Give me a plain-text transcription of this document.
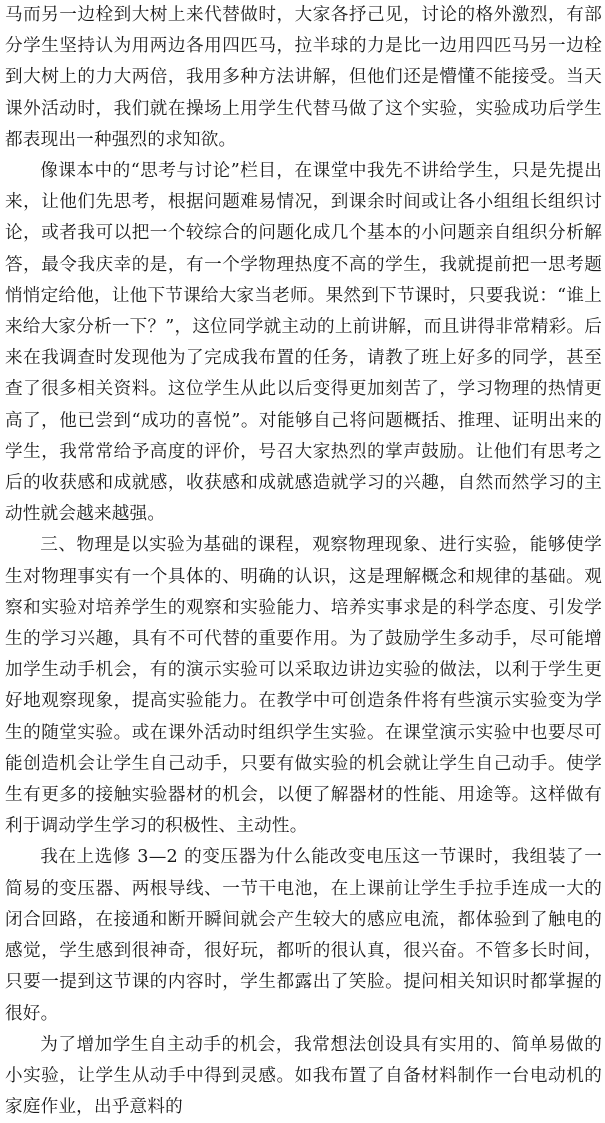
马而另一边栓到大树上来代替做时，大家各抒己见，讨论的格外激烈，有部分学生坚持认为用两边各用四匹马，拉半球的力是比一边用四匹马另一边栓到大树上的力大两倍，我用多种方法讲解，但他们还是懵懂不能接受。当天课外活动时，我们就在操场上用学生代替马做了这个实验，实验成功后学生都表现出一种强烈的求知欲。

像课本中的“思考与讨论”栏目，在课堂中我先不讲给学生，只是先提出来，让他们先思考，根据问题难易情况，到课余时间或让各小组组长组织讨论，或者我可以把一个较综合的问题化成几个基本的小问题亲自组织分析解答，最令我庆幸的是，有一个学物理热度不高的学生，我就提前把一思考题悄悄定给他，让他下节课给大家当老师。果然到下节课时，只要我说：“谁上来给大家分析一下？”，这位同学就主动的上前讲解，而且讲得非常精彩。后来在我调查时发现他为了完成我布置的任务，请教了班上好多的同学，甚至查了很多相关资料。这位学生从此以后变得更加刻苦了，学习物理的热情更高了，他已尝到“成功的喜悦”。对能够自己将问题概括、推理、证明出来的学生，我常常给予高度的评价，号召大家热烈的掌声鼓励。让他们有思考之后的收获感和成就感，收获感和成就感造就学习的兴趣，自然而然学习的主动性就会越来越强。

三、物理是以实验为基础的课程，观察物理现象、进行实验，能够使学生对物理事实有一个具体的、明确的认识，这是理解概念和规律的基础。观察和实验对培养学生的观察和实验能力、培养实事求是的科学态度、引发学生的学习兴趣，具有不可代替的重要作用。为了鼓励学生多动手，尽可能增加学生动手机会，有的演示实验可以采取边讲边实验的做法，以利于学生更好地观察现象，提高实验能力。在教学中可创造条件将有些演示实验变为学生的随堂实验。或在课外活动时组织学生实验。在课堂演示实验中也要尽可能创造机会让学生自己动手，只要有做实验的机会就让学生自己动手。使学生有更多的接触实验器材的机会，以便了解器材的性能、用途等。这样做有利于调动学生学习的积极性、主动性。

我在上选修 3—2 的变压器为什么能改变电压这一节课时，我组装了一简易的变压器、两根导线、一节干电池，在上课前让学生手拉手连成一大的闭合回路，在接通和断开瞬间就会产生较大的感应电流，都体验到了触电的感觉，学生感到很神奇，很好玩，都听的很认真，很兴奋。不管多长时间，只要一提到这节课的内容时，学生都露出了笑脸。提问相关知识时都掌握的很好。

为了增加学生自主动手的机会，我常想法创设具有实用的、简单易做的小实验，让学生从动手中得到灵感。如我布置了自备材料制作一台电动机的家庭作业，出乎意料的
